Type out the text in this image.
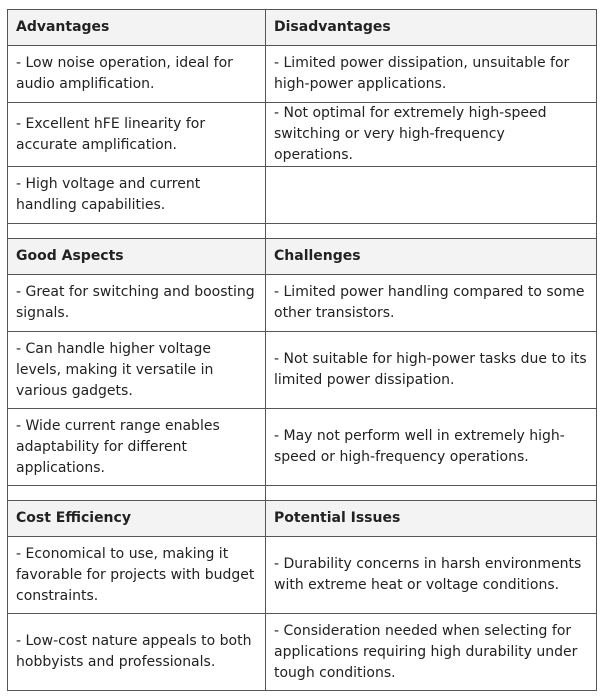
Advantages	Disadvantages
- Low noise operation, ideal for audio amplification.	- Limited power dissipation, unsuitable for high-power applications.
- Excellent hFE linearity for accurate amplification.	- Not optimal for extremely high-speed switching or very high-frequency operations.
- High voltage and current handling capabilities.	

Good Aspects	Challenges
- Great for switching and boosting signals.	- Limited power handling compared to some other transistors.
- Can handle higher voltage levels, making it versatile in various gadgets.	- Not suitable for high-power tasks due to its limited power dissipation.
- Wide current range enables adaptability for different applications.	- May not perform well in extremely high-speed or high-frequency operations.

Cost Efficiency	Potential Issues
- Economical to use, making it favorable for projects with budget constraints.	- Durability concerns in harsh environments with extreme heat or voltage conditions.
- Low-cost nature appeals to both hobbyists and professionals.	- Consideration needed when selecting for applications requiring high durability under tough conditions.
